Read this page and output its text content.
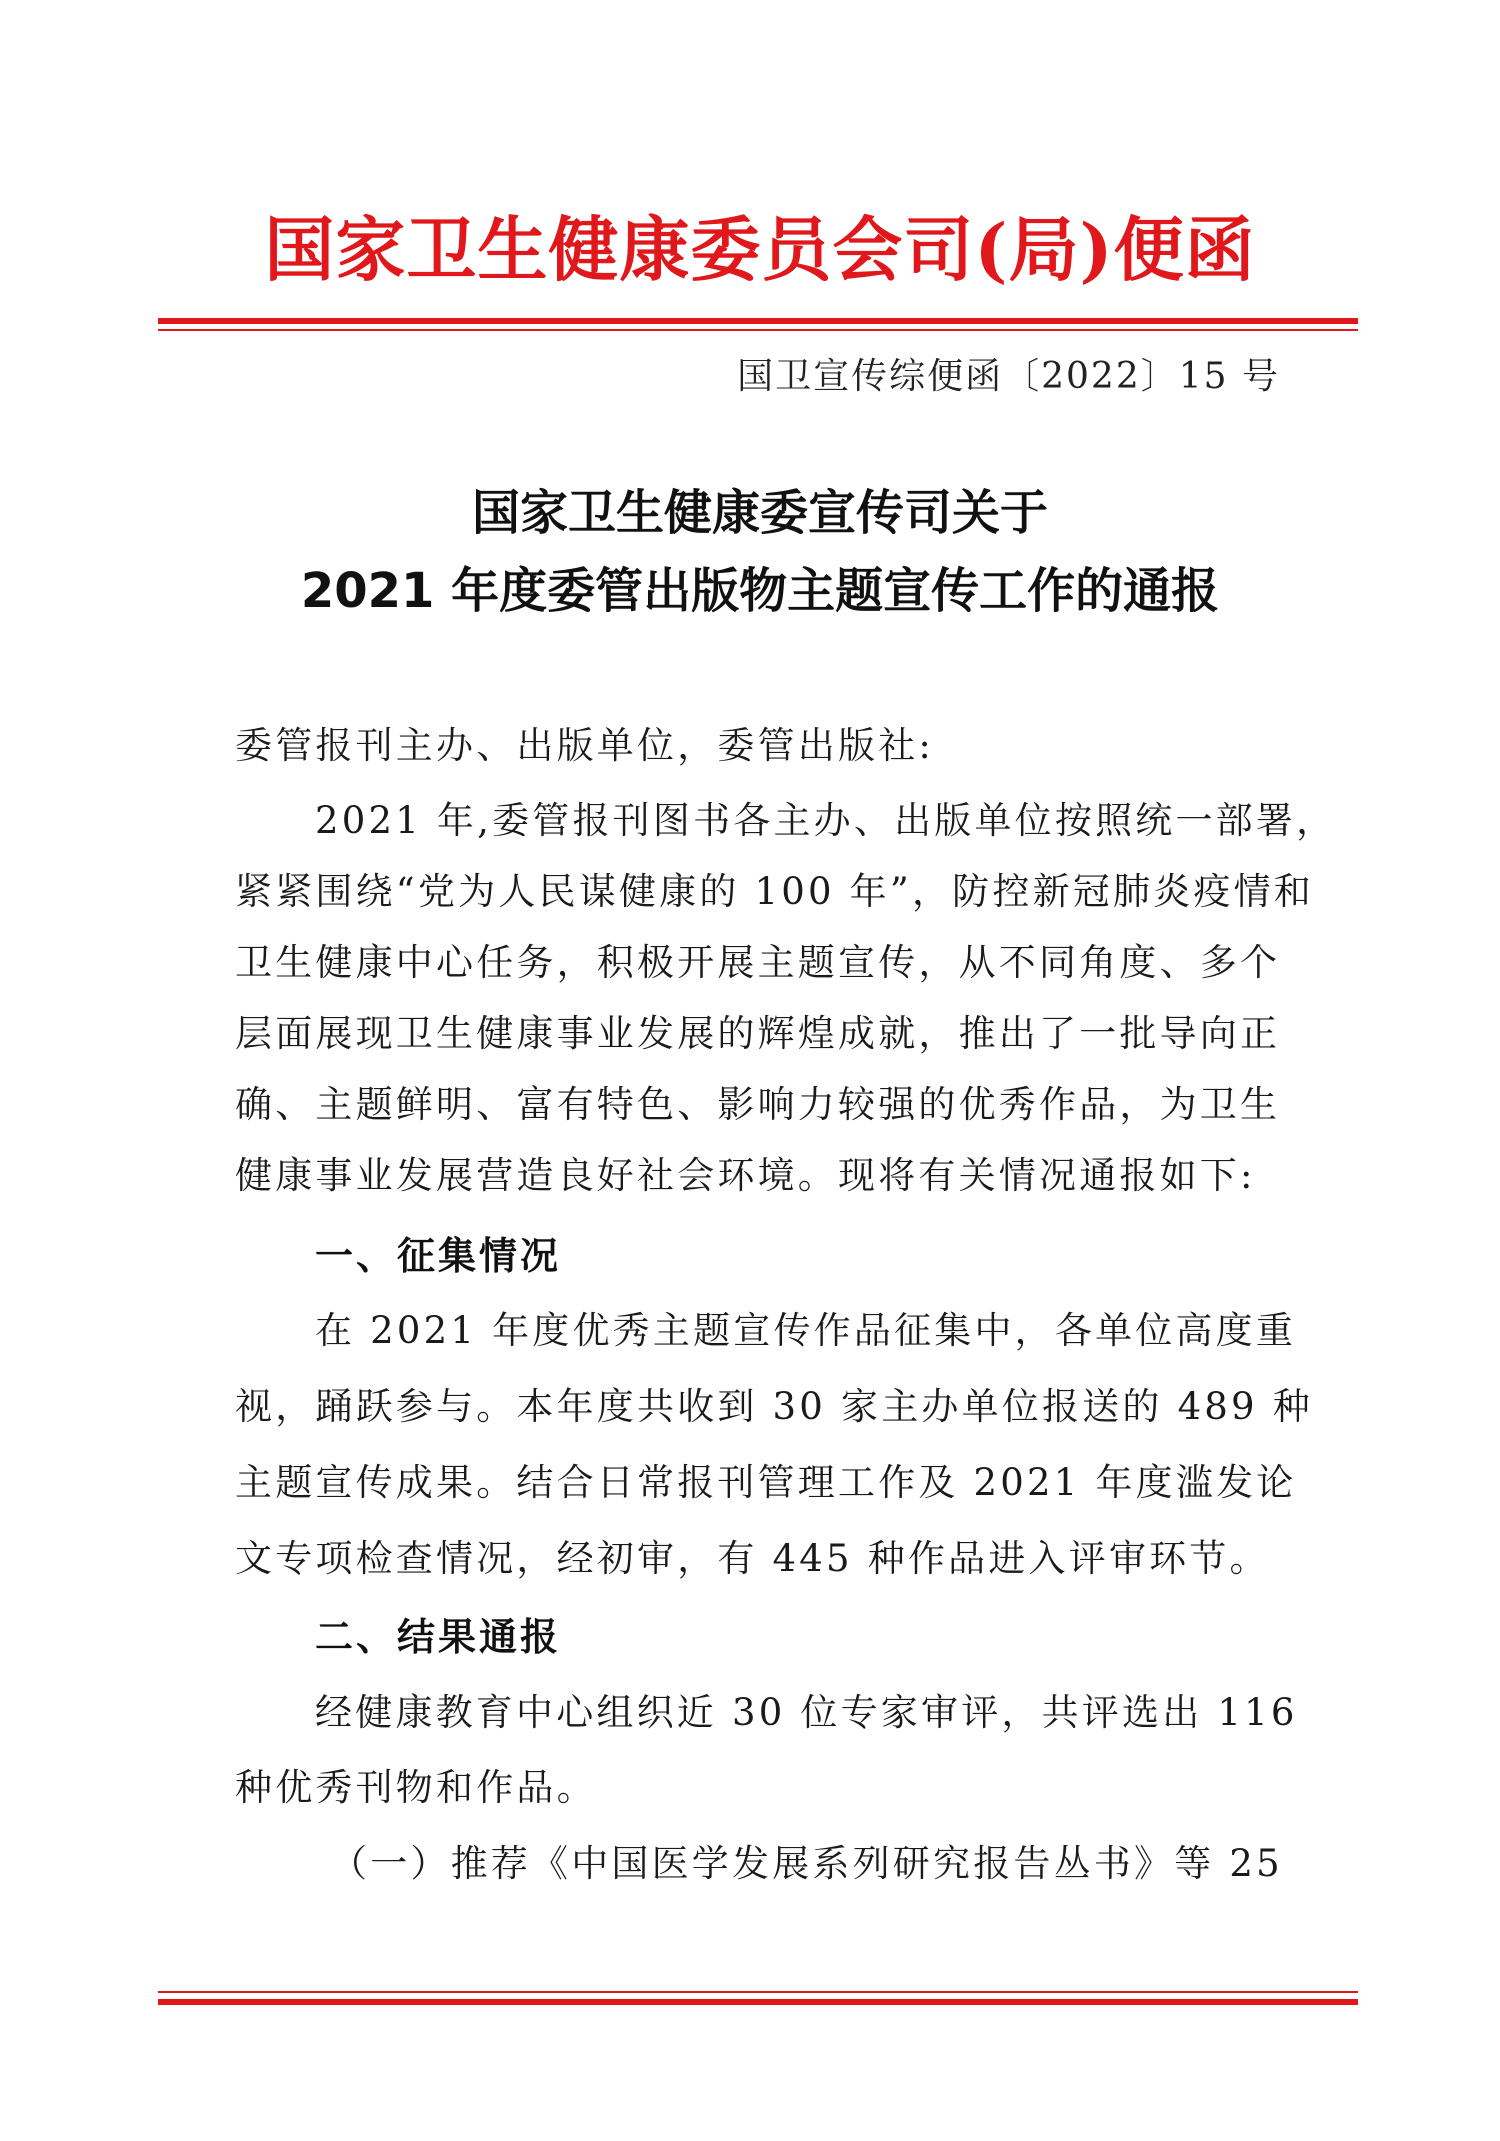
国家卫生健康委员会司(局)便函
国卫宣传综便函〔2022〕15 号
国家卫生健康委宣传司关于
2021 年度委管出版物主题宣传工作的通报
委管报刊主办、出版单位，委管出版社:
2021 年,委管报刊图书各主办、出版单位按照统一部署，
紧紧围绕“党为人民谋健康的 100 年”，防控新冠肺炎疫情和
卫生健康中心任务，积极开展主题宣传，从不同角度、多个
层面展现卫生健康事业发展的辉煌成就，推出了一批导向正
确、主题鲜明、富有特色、影响力较强的优秀作品，为卫生
健康事业发展营造良好社会环境。现将有关情况通报如下:
一、征集情况
在 2021 年度优秀主题宣传作品征集中，各单位高度重
视，踊跃参与。本年度共收到 30 家主办单位报送的 489 种
主题宣传成果。结合日常报刊管理工作及 2021 年度滥发论
文专项检查情况，经初审，有 445 种作品进入评审环节。
二、结果通报
经健康教育中心组织近 30 位专家审评，共评选出 116
种优秀刊物和作品。
（一）推荐《中国医学发展系列研究报告丛书》等 25
